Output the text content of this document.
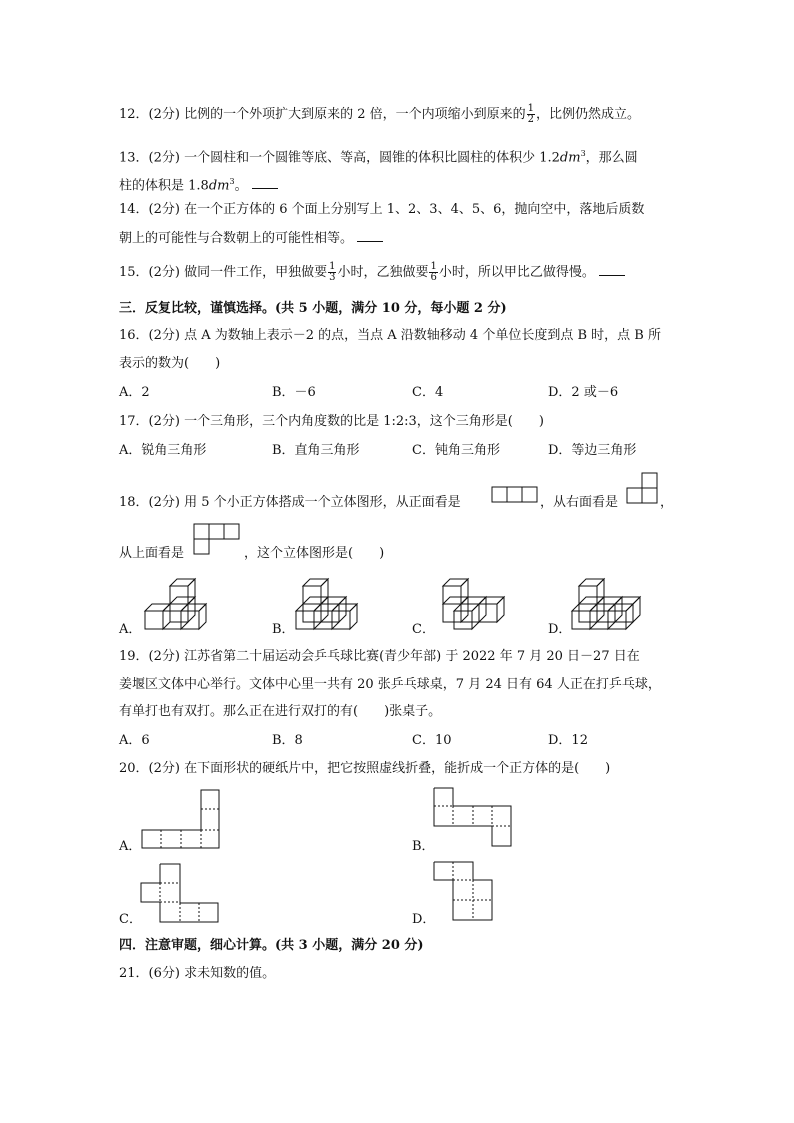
12．(2分) 比例的一个外项扩大到原来的 2 倍，一个内项缩小到原来的 $\frac{1}{2}$ ，比例仍然成立。
13．(2分) 一个圆柱和一个圆锥等底、等高，圆锥的体积比圆柱的体积少 $1.2dm^3$，那么圆
柱的体积是 $1.8dm^3$。
14．(2分) 在一个正方体的 6 个面上分别写上 1、2、3、4、5、6，抛向空中，落地后质数
朝上的可能性与合数朝上的可能性相等。
15．(2分) 做同一件工作，甲独做要 $\frac{1}{3}$ 小时，乙独做要 $\frac{1}{6}$ 小时，所以甲比乙做得慢。
三．反复比较，谨慎选择。(共 5 小题，满分 10 分，每小题 2 分)
16．(2分) 点 A 为数轴上表示－2 的点，当点 A 沿数轴移动 4 个单位长度到点 B 时，点 B 所
表示的数为(　　)
A．2	B．－6	C．4	D．2 或－6
17．(2分) 一个三角形，三个内角度数的比是 1:2:3，这个三角形是(　　)
A．锐角三角形	B．直角三角形	C．钝角三角形	D．等边三角形
18．(2分) 用 5 个小正方体搭成一个立体图形，从正面看是	，从右面看是	，
从上面看是	，这个立体图形是(　　)
A．	B．	C．	D．
19．(2分) 江苏省第二十届运动会乒乓球比赛(青少年部) 于 2022 年 7 月 20 日－27 日在
姜堰区文体中心举行。文体中心里一共有 20 张乒乓球桌，7 月 24 日有 64 人正在打乒乓球，
有单打也有双打。那么正在进行双打的有(　　)张桌子。
A．6	B．8	C．10	D．12
20．(2分) 在下面形状的硬纸片中，把它按照虚线折叠，能折成一个正方体的是(　　)
A．	B．
C．	D．
四．注意审题，细心计算。(共 3 小题，满分 20 分)
21．(6分) 求未知数的值。
